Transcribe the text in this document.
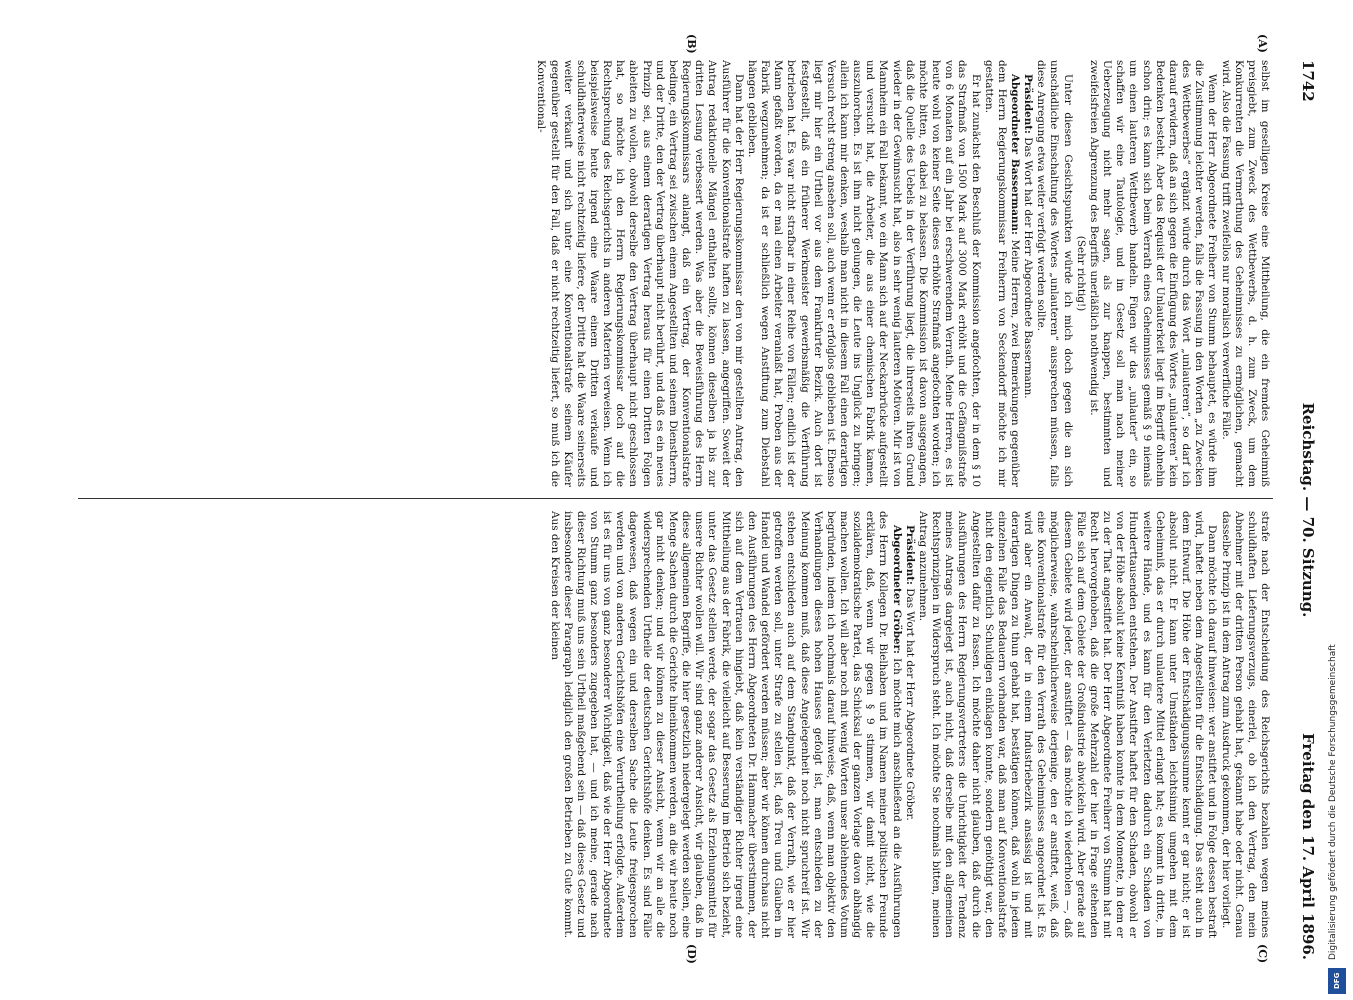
1742
Reichstag. — 70. Sitzung.
Freitag den 17. April 1896.
(A)
(B)
(C)
(D)

selbst im geselligen Kreise eine Mittheilung, die ein fremdes Geheimniß preisgiebt, zum Zweck des Wettbewerbs, d. h. zum Zweck, um dem Konkurrenten die Vermerthung des Geheimnisses zu ermöglichen, gemacht wird. Also die Fassung trifft zweifellos nur moralisch verwerfliche Fälle.

Wenn der Herr Abgeordnete Freiherr von Stumm behauptet, es würde ihm die Zustimmung leichter werden, falls die Fassung in den Worten „zu Zwecken des Wettbewerbes“ ergänzt würde durch das Wort „unlauteren“, so darf ich darauf erwidern, daß an sich gegen die Einfügung des Wortes „unlauteren“ kein Bedenken besteht. Aber das Requisit der Unlauterkeit liegt im Begriff ohnehin schon drin; es kann sich beim Verrath eines Geheimnisses gemäß § 9 niemals um einen lauteren Wettbewerb handeln. Fügen wir das „unlauter“ ein, so schaffen wir eine Tautologie, und im Gesetz soll man nach meiner Ueberzeugung nicht mehr sagen, als zur knappen, bestimmten und zweifelsfreien Abgrenzung des Begriffs unerläßlich nothwendig ist.

(Sehr richtig!)

Unter diesen Gesichtspunkten würde ich mich doch gegen die an sich unschädliche Einschaltung des Wortes „unlauteren“ aussprechen müssen, falls diese Anregung etwa weiter verfolgt werden sollte.

Präsident: Das Wort hat der Herr Abgeordnete Bassermann.

Abgeordneter Bassermann: Meine Herren, zwei Bemerkungen gegenüber dem Herrn Regierungskommissar Freiherrn von Seckendorff möchte ich mir gestatten.

Er hat zunächst den Beschluß der Kommission angefochten, der in dem § 10 das Strafmaß von 1500 Mark auf 3000 Mark erhöht und die Gefängnißstrafe von 6 Monaten auf ein Jahr bei erschwerendem Verrath. Meine Herren, es ist heute wohl von keiner Seite dieses erhöhte Strafmaß angefochten worden; ich möchte bitten, es dabei zu belassen. Die Kommission ist davon ausgegangen, daß die Quelle des Uebels in der Verführung liegt, die ihrerseits ihren Grund wieder in der Gewinnsucht hat, also in sehr wenig lauteren Motiven. Mir ist von Mannheim ein Fall bekannt, wo ein Mann sich auf der Neckarbrücke aufgestellt und versucht hat, die Arbeiter, die aus einer chemischen Fabrik kamen, auszuhorchen. Es ist ihm nicht gelungen, die Leute ins Unglück zu bringen; allein ich kann mir denken, weshalb man nicht in diesem Fall einen derartigen Versuch recht streng ansehen soll, auch wenn er erfolglos geblieben ist. Ebenso liegt mir hier ein Urtheil vor aus dem Frankfurter Bezirk. Auch dort ist festgestellt, daß ein früherer Werkmeister gewerbsmäßig die Verführung betrieben hat. Es war nicht strafbar in einer Reihe von Fällen; endlich ist der Mann gefaßt worden, da er mal einen Arbeiter veranlaßt hat, Proben aus der Fabrik wegzunehmen; da ist er schließlich wegen Anstiftung zum Diebstahl hängen geblieben.

Dann hat der Herr Regierungskommissar den von mir gestellten Antrag, den Ausführer für die Konventionalstrafe haften zu lassen, angegriffen. Soweit der Antrag redaktionelle Mängel enthalten sollte, können dieselben ja bis zur dritten Lesung verbessert werden. Was aber die Beweisführung des Herrn Regierungskommissars anlangt, daß ein Vertrag, der Konventionalstrafe bedinge, ein Vertrag sei zwischen einem Angestellten und seinem Dienstherrn, und der Dritte, den der Vertrag überhaupt nicht berührt, und daß es ein neues Prinzip sei, aus einem derartigen Vertrag heraus für einen Dritten Folgen ableiten zu wollen, obwohl derselbe den Vertrag überhaupt nicht geschlossen hat, so möchte ich den Herrn Regierungskommissar doch auf die Rechtsprechung des Reichsgerichts in anderen Materien verweisen. Wenn ich beispielsweise heute irgend eine Waare einem Dritten verkaufe und schuldhafterweise nicht rechtzeitig liefere, der Dritte hat die Waare seinerseits weiter verkauft und sich unter eine Konventionalstrafe seinem Käufer gegenüber gestellt für den Fall, daß er nicht rechtzeitig liefert, so muß ich die Konventional-

strafe nach der Entscheidung des Reichsgerichts bezahlen wegen meines schuldhaften Lieferungsverzugs, einerlei, ob ich den Vertrag, den mein Abnehmer mit der dritten Person gehabt hat, gekannt habe oder nicht. Genau dasselbe Prinzip ist in dem Antrag zum Ausdruck gekommen, der hier vorliegt.

Dann möchte ich darauf hinweisen: wer anstiftet und in Folge dessen bestraft wird, haftet neben dem Angestellten für die Entschädigung. Das steht auch in dem Entwurf. Die Höhe der Entschädigungssumme kennt er gar nicht; er ist absolut nicht. Er kann unter Umständen leichtsinnig umgehen mit dem Geheimniß, das er durch unlautere Mittel erlangt hat; es kommt in dritte, in weitere Hände, und es kann für den Verletzten dadurch ein Schaden von Hunderttausenden entstehen. Der Anstifter haftet für den Schaden, obwohl er von der Höhe absolut keine Kenntniß haben konnte in dem Momente, in dem er zu der That angestiftet hat. Der Herr Abgeordnete Freiherr von Stumm hat mit Recht hervorgehoben, daß die große Mehrzahl der hier in Frage stehenden Fälle sich auf dem Gebiete der Großindustrie abwickeln wird. Aber gerade auf diesem Gebiete wird jeder, der anstiftet — das möchte ich wiederholen —, daß möglicherweise, wahrscheinlicherweise derjenige, den er anstiftet, weiß, daß eine Konventionalstrafe für den Verrath des Geheimnisses angeordnet ist. Es wird aber ein Anwalt, der in einem Industriebezirk ansässig ist und mit derartigen Dingen zu thun gehabt hat, bestätigen können, daß wohl in jedem einzelnen Falle das Bedauern vorhanden war, daß man auf Konventionalstrafe nicht den eigentlich Schuldigen einklagen konnte, sondern genöthigt war, den Angestellten dafür zu fassen. Ich möchte daher nicht glauben, daß durch die Ausführungen des Herrn Regierungsvertreters die Unrichtigkeit der Tendenz meines Antrags dargelegt ist, auch nicht, daß derselbe mit den allgemeinen Rechtsprinzipien in Widerspruch steht. Ich möchte Sie nochmals bitten, meinen Antrag anzunehmen.

Präsident: Das Wort hat der Herr Abgeordnete Gröber.

Abgeordneter Gröber: Ich möchte mich anschließend an die Ausführungen des Herrn Kollegen Dr. Bielhaben und im Namen meiner politischen Freunde erklären, daß, wenn wir gegen § 9 stimmen, wir damit nicht, wie die sozialdemokratische Partei, das Schicksal der ganzen Vorlage davon abhängig machen wollen. Ich will aber noch mit wenig Worten unser ablehnendes Votum begründen, indem ich nochmals darauf hinweise, daß, wenn man objektiv den Verhandlungen dieses hohen Hauses gefolgt ist, man entschieden zu der Meinung kommen muß, daß diese Angelegenheit noch nicht spruchreif ist. Wir stehen entschieden auch auf dem Standpunkt, daß der Verrath, wie er hier getroffen werden soll, unter Strafe zu stellen ist, daß Treu und Glauben in Handel und Wandel gefördert werden müssen; aber wir können durchaus nicht den Ausführungen des Herrn Abgeordneten Dr. Hammacher überstimmen, der sich auf dem Vertrauen hingiebt, daß kein verständiger Richter irgend eine Mittheilung aus der Fabrik, die vielleicht auf Besserung im Betrieb sich bezieht, unter das Gesetz stellen werde, der sogar das Gesetz als Erziehungsmittel für unsere Richter wollen will. Wir sind ganz anderer Ansicht, wir glauben, daß in diese allgemeinen Begriffe, die hier gesetzlich niedergelegt werden sollen, eine Menge Sachen durch die Gerichte hineinkommen werden, an die wir heute noch gar nicht denken; und wir können zu dieser Ansicht, wenn wir an alle die widersprechenden Urtheile der deutschen Gerichtshöfe denken. Es sind Fälle dagewesen, daß wegen ein und derselben Sache die Leute freigesprochen werden und von anderen Gerichtshöfen eine Verurtheilung erfolgte. Außerdem ist es für uns von ganz besonderer Wichtigkeit, daß wie der Herr Abgeordnete von Stumm ganz besonders zugegeben hat, — und ich meine, gerade nach dieser Richtung muß uns sein Urtheil maßgebend sein — daß dieses Gesetz und insbesondere dieser Paragraph lediglich den großen Betrieben zu Gute kommt. Aus den Kreisen der kleinen

Digitalisierung gefördert durch die Deutsche Forschungsgemeinschaft
DFG
